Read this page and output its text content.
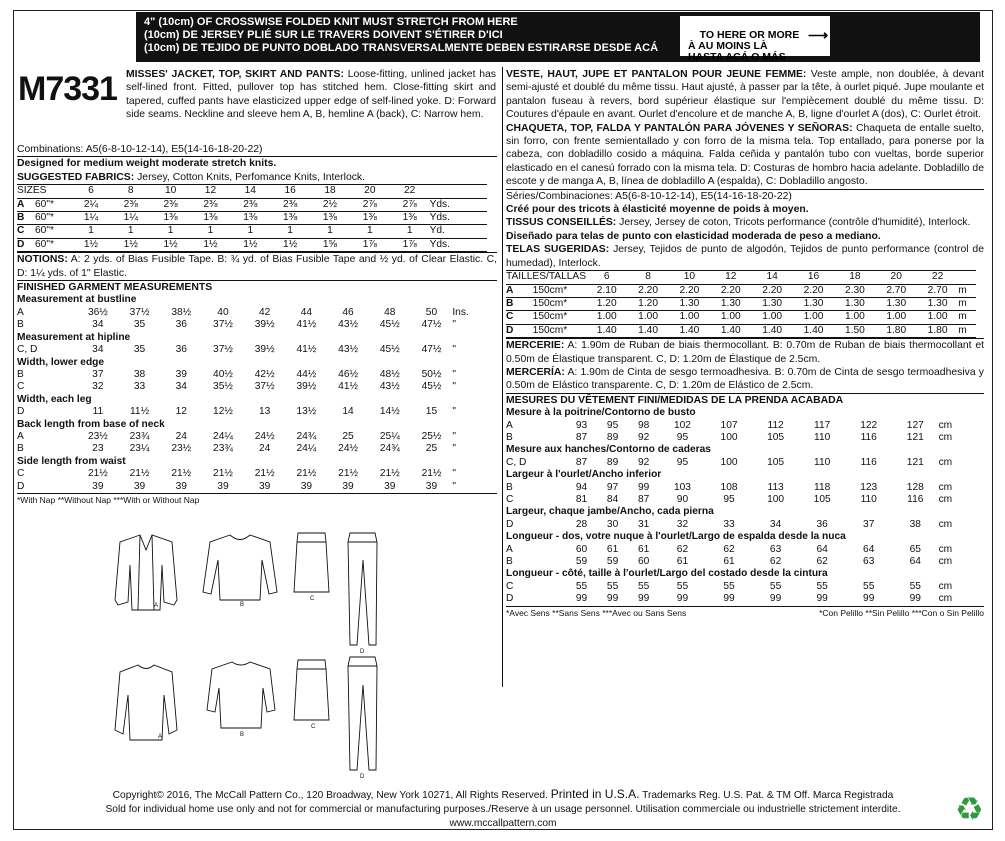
4" (10cm) OF CROSSWISE FOLDED KNIT MUST STRETCH FROM HERE
(10cm) DE JERSEY PLIÉ SUR LE TRAVERS DOIVENT S'ÉTIRER D'ICI
(10cm) DE TEJIDO DE PUNTO DOBLADO TRANSVERSALMENTE DEBEN ESTIRARSE DESDE ACÁ

TO HERE OR MORE
À AU MOINS LÀ
HASTA ACÁ O MÁS

⟶

M7331 MISSES' JACKET, TOP, SKIRT AND PANTS: Loose-fitting, unlined jacket has self-lined front. Fitted, pullover top has stitched hem. Close-fitting skirt and tapered, cuffed pants have elasticized upper edge of self-lined yoke. D: Forward side seams. Neckline and sleeve hem A, B, hemline A (back), C: Narrow hem.
Combinations: A5(6-8-10-12-14), E5(14-16-18-20-22)
Designed for medium weight moderate stretch knits.
SUGGESTED FABRICS: Jersey, Cotton Knits, Perfomance Knits, Interlock.
SIZES		6	8	10	12	14	16	18	20	22	
A	60"*	2¼	2⅜	2⅜	2⅜	2⅜	2⅜	2½	2⅞	2⅞	Yds.
B	60"*	1¼	1¼	1⅜	1⅜	1⅜	1⅜	1⅜	1⅜	1⅜	Yds.
C	60"*	1	1	1	1	1	1	1	1	1	Yd.
D	60"*	1½	1½	1½	1½	1½	1½	1⅝	1⅞	1⅞	Yds.
NOTIONS: A: 2 yds. of Bias Fusible Tape. B: ¾ yd. of Bias Fusible Tape and ½ yd. of Clear Elastic. C, D: 1¼ yds. of 1" Elastic.
FINISHED GARMENT MEASUREMENTS
Measurement at bustline										
A	36½	37½	38½	40	42	44	46	48	50	Ins.
B	34	35	36	37½	39½	41½	43½	45½	47½	"
Measurement at hipline										
C, D	34	35	36	37½	39½	41½	43½	45½	47½	"
Width, lower edge										
B	37	38	39	40½	42½	44½	46½	48½	50½	"
C	32	33	34	35½	37½	39½	41½	43½	45½	"
Width, each leg										
D	11	11½	12	12½	13	13½	14	14½	15	"
Back length from base of neck										
A	23½	23¾	24	24¼	24½	24¾	25	25¼	25½	"
B	23	23¼	23½	23¾	24	24¼	24½	24¾	25	"
Side length from waist										
C	21½	21½	21½	21½	21½	21½	21½	21½	21½	"
D	39	39	39	39	39	39	39	39	39	"
*With Nap **Without Nap ***With or Without Nap
VESTE, HAUT, JUPE ET PANTALON POUR JEUNE FEMME: Veste ample, non doublée, à devant semi-ajusté et doublé du même tissu. Haut ajusté, à passer par la tête, à ourlet piqué. Jupe moulante et pantalon fuseau à revers, bord supérieur élastique sur l'empiècement doublé du même tissu. D: Coutures d'épaule en avant. Ourlet d'encolure et de manche A, B, ligne d'ourlet A (dos), C: Ourlet étroit.
CHAQUETA, TOP, FALDA Y PANTALÓN PARA JÓVENES Y SEÑORAS: Chaqueta de entalle suelto, sin forro, con frente semientallado y con forro de la misma tela. Top entallado, para ponerse por la cabeza, con dobladillo cosido a máquina. Falda ceñida y pantalón tubo con vueltas, borde superior elasticado en el canesú forrado con la misma tela. D: Costuras de hombro hacia adelante. Dobladillo de escote y de manga A, B, línea de dobladillo A (espalda), C: Dobladillo angosto.
Séries/Combinaciones: A5(6-8-10-12-14), E5(14-16-18-20-22)
Créé pour des tricots à élasticité moyenne de poids à moyen.
TISSUS CONSEILLÉS: Jersey, Jersey de coton, Tricots performance (contrôle d'humidité), Interlock.
Diseñado para telas de punto con elasticidad moderada de peso a mediano.
TELAS SUGERIDAS: Jersey, Tejidos de punto de algodón, Tejidos de punto performance (control de humedad), Interlock.
TAILLES/TALLAS		6	8	10	12	14	16	18	20	22	
A	150cm*	2.10	2.20	2.20	2.20	2.20	2.20	2.30	2.70	2.70	m
B	150cm*	1.20	1.20	1.30	1.30	1.30	1.30	1.30	1.30	1.30	m
C	150cm*	1.00	1.00	1.00	1.00	1.00	1.00	1.00	1.00	1.00	m
D	150cm*	1.40	1.40	1.40	1.40	1.40	1.40	1.50	1.80	1.80	m
MERCERIE: A: 1.90m de Ruban de biais thermocollant. B: 0.70m de Ruban de biais thermocollant et 0.50m de Élastique transparent. C, D: 1.20m de Élastique de 2.5cm.
MERCERÍA: A: 1.90m de Cinta de sesgo termoadhesiva. B: 0.70m de Cinta de sesgo termoadhesiva y 0.50m de Elástico transparente. C, D: 1.20m de Elástico de 2.5cm.
MESURES DU VÊTEMENT FINI/MEDIDAS DE LA PRENDA ACABADA
Mesure à la poitrine/Contorno de busto										
A	93	95	98	102	107	112	117	122	127	cm
B	87	89	92	95	100	105	110	116	121	cm
Mesure aux hanches/Contorno de caderas										
C, D	87	89	92	95	100	105	110	116	121	cm
Largeur à l'ourlet/Ancho inferior										
B	94	97	99	103	108	113	118	123	128	cm
C	81	84	87	90	95	100	105	110	116	cm
Largeur, chaque jambe/Ancho, cada pierna										
D	28	30	31	32	33	34	36	37	38	cm
Longueur - dos, votre nuque à l'ourlet/Largo de espalda desde la nuca										
A	60	61	61	62	62	63	64	64	65	cm
B	59	59	60	61	61	62	62	63	64	cm
Longueur - côté, taille à l'ourlet/Largo del costado desde la cintura										
C	55	55	55	55	55	55	55	55	55	cm
D	99	99	99	99	99	99	99	99	99	cm
*Avec Sens **Sans Sens ***Avec ou Sans Sens	*Con Pelillo **Sin Pelillo ***Con o Sin Pelillo
A	B
C
D
A	B
C
D
Copyright© 2016, The McCall Pattern Co., 120 Broadway, New York 10271, All Rights Reserved. Printed in U.S.A. Trademarks Reg. U.S. Pat. & TM Off. Marca Registrada
Sold for individual home use only and not for commercial or manufacturing purposes./Reserve à un usage personnel. Utilisation commerciale ou industrielle strictement interdite.
www.mccallpattern.com	♻
